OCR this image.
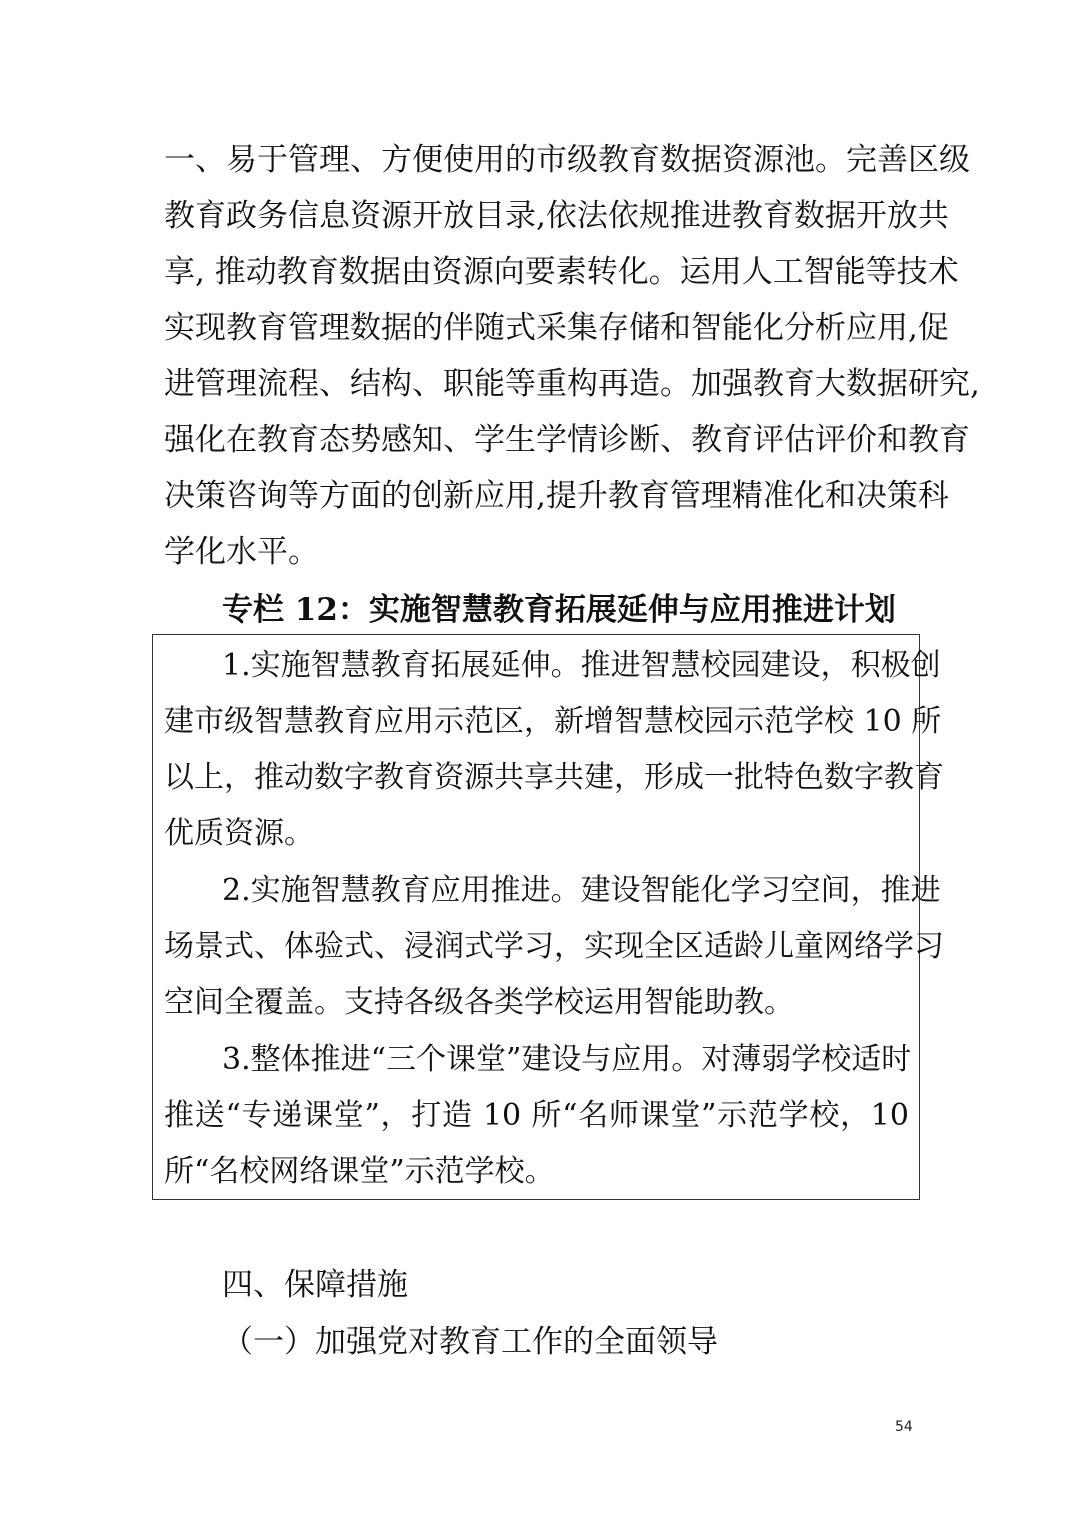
一、易于管理、方便使用的市级教育数据资源池。完善区级
教育政务信息资源开放目录,依法依规推进教育数据开放共
享, 推动教育数据由资源向要素转化。运用人工智能等技术
实现教育管理数据的伴随式采集存储和智能化分析应用,促
进管理流程、结构、职能等重构再造。加强教育大数据研究,
强化在教育态势感知、学生学情诊断、教育评估评价和教育
决策咨询等方面的创新应用,提升教育管理精准化和决策科
学化水平。
专栏 12：实施智慧教育拓展延伸与应用推进计划
1.实施智慧教育拓展延伸。推进智慧校园建设，积极创
建市级智慧教育应用示范区，新增智慧校园示范学校 10 所
以上，推动数字教育资源共享共建，形成一批特色数字教育
优质资源。
2.实施智慧教育应用推进。建设智能化学习空间，推进
场景式、体验式、浸润式学习，实现全区适龄儿童网络学习
空间全覆盖。支持各级各类学校运用智能助教。
3.整体推进“三个课堂”建设与应用。对薄弱学校适时
推送“专递课堂”，打造 10 所“名师课堂”示范学校，10
所“名校网络课堂”示范学校。
四、保障措施
（一）加强党对教育工作的全面领导
54
